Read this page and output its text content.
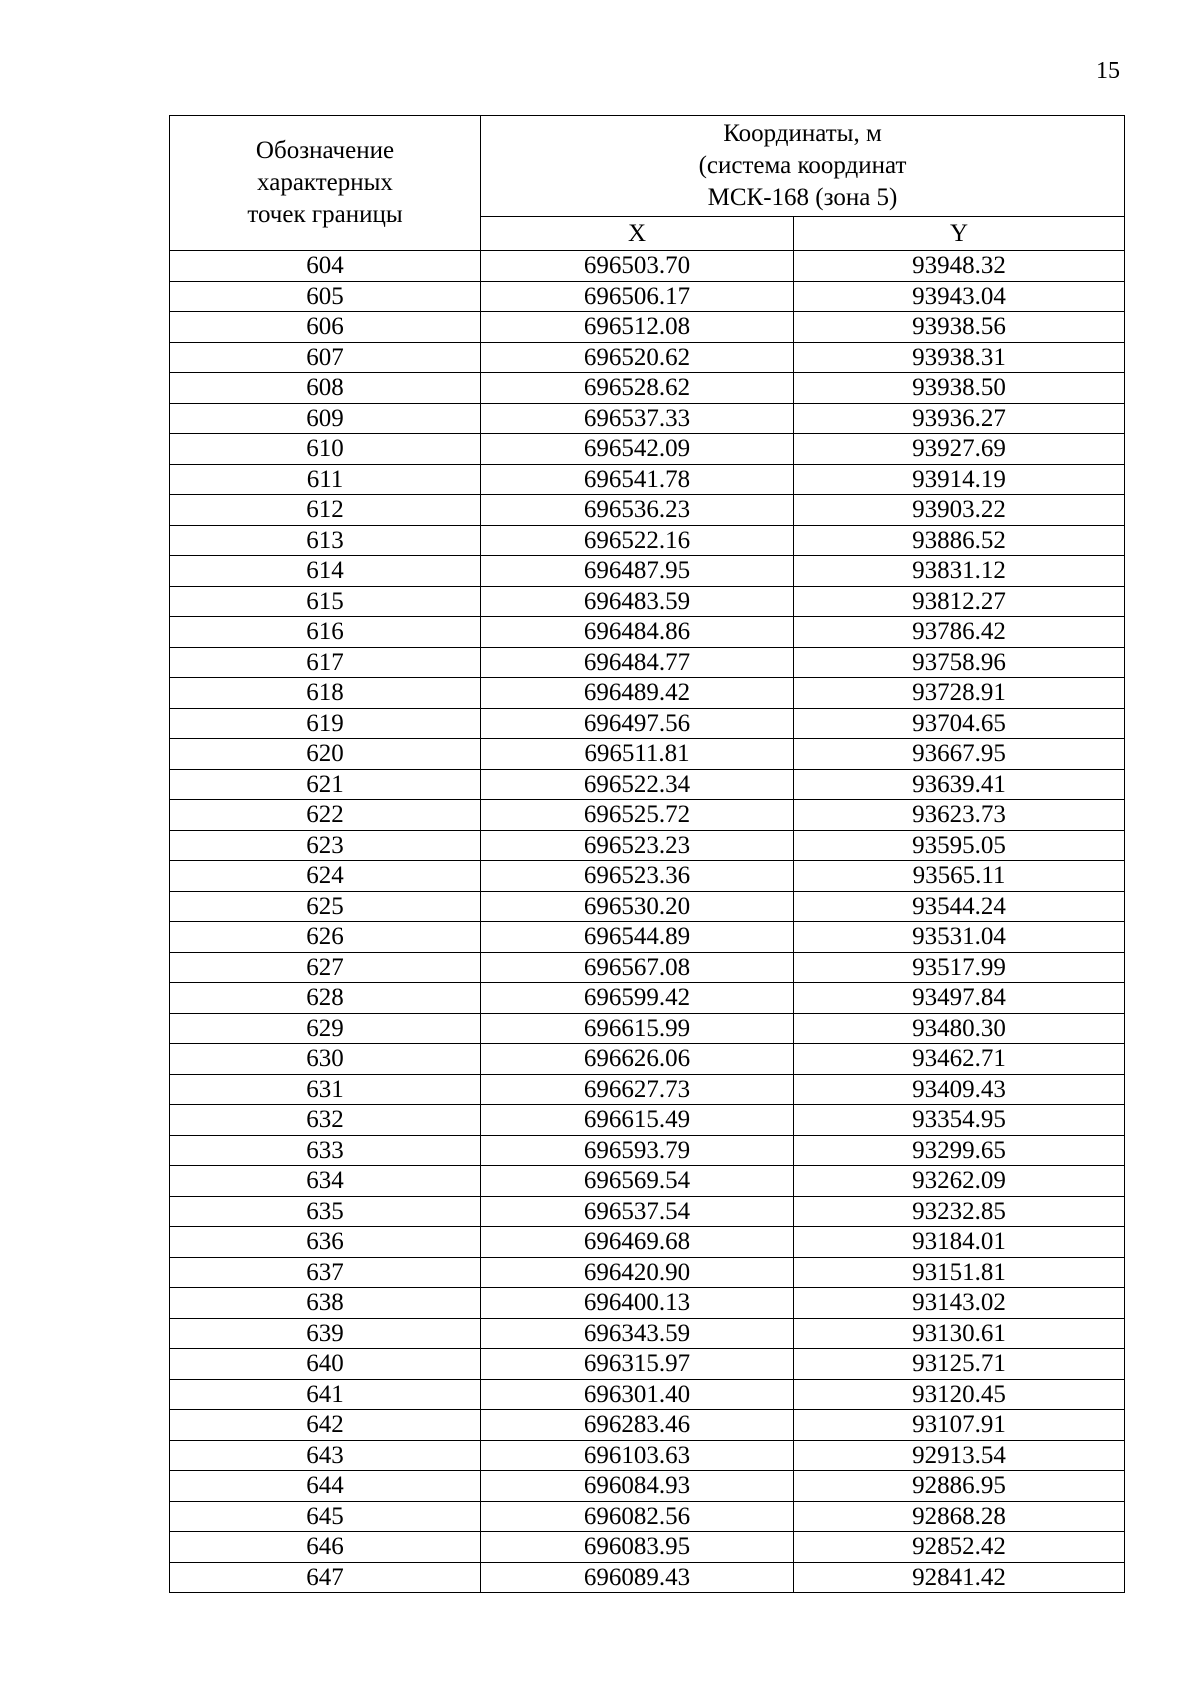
15
Обозначение
характерных
точек границы	Координаты, м
(система координат
МСК-168 (зона 5)	

	X	Y
604	696503.70	93948.32
605	696506.17	93943.04
606	696512.08	93938.56
607	696520.62	93938.31
608	696528.62	93938.50
609	696537.33	93936.27
610	696542.09	93927.69
611	696541.78	93914.19
612	696536.23	93903.22
613	696522.16	93886.52
614	696487.95	93831.12
615	696483.59	93812.27
616	696484.86	93786.42
617	696484.77	93758.96
618	696489.42	93728.91
619	696497.56	93704.65
620	696511.81	93667.95
621	696522.34	93639.41
622	696525.72	93623.73
623	696523.23	93595.05
624	696523.36	93565.11
625	696530.20	93544.24
626	696544.89	93531.04
627	696567.08	93517.99
628	696599.42	93497.84
629	696615.99	93480.30
630	696626.06	93462.71
631	696627.73	93409.43
632	696615.49	93354.95
633	696593.79	93299.65
634	696569.54	93262.09
635	696537.54	93232.85
636	696469.68	93184.01
637	696420.90	93151.81
638	696400.13	93143.02
639	696343.59	93130.61
640	696315.97	93125.71
641	696301.40	93120.45
642	696283.46	93107.91
643	696103.63	92913.54
644	696084.93	92886.95
645	696082.56	92868.28
646	696083.95	92852.42
647	696089.43	92841.42
